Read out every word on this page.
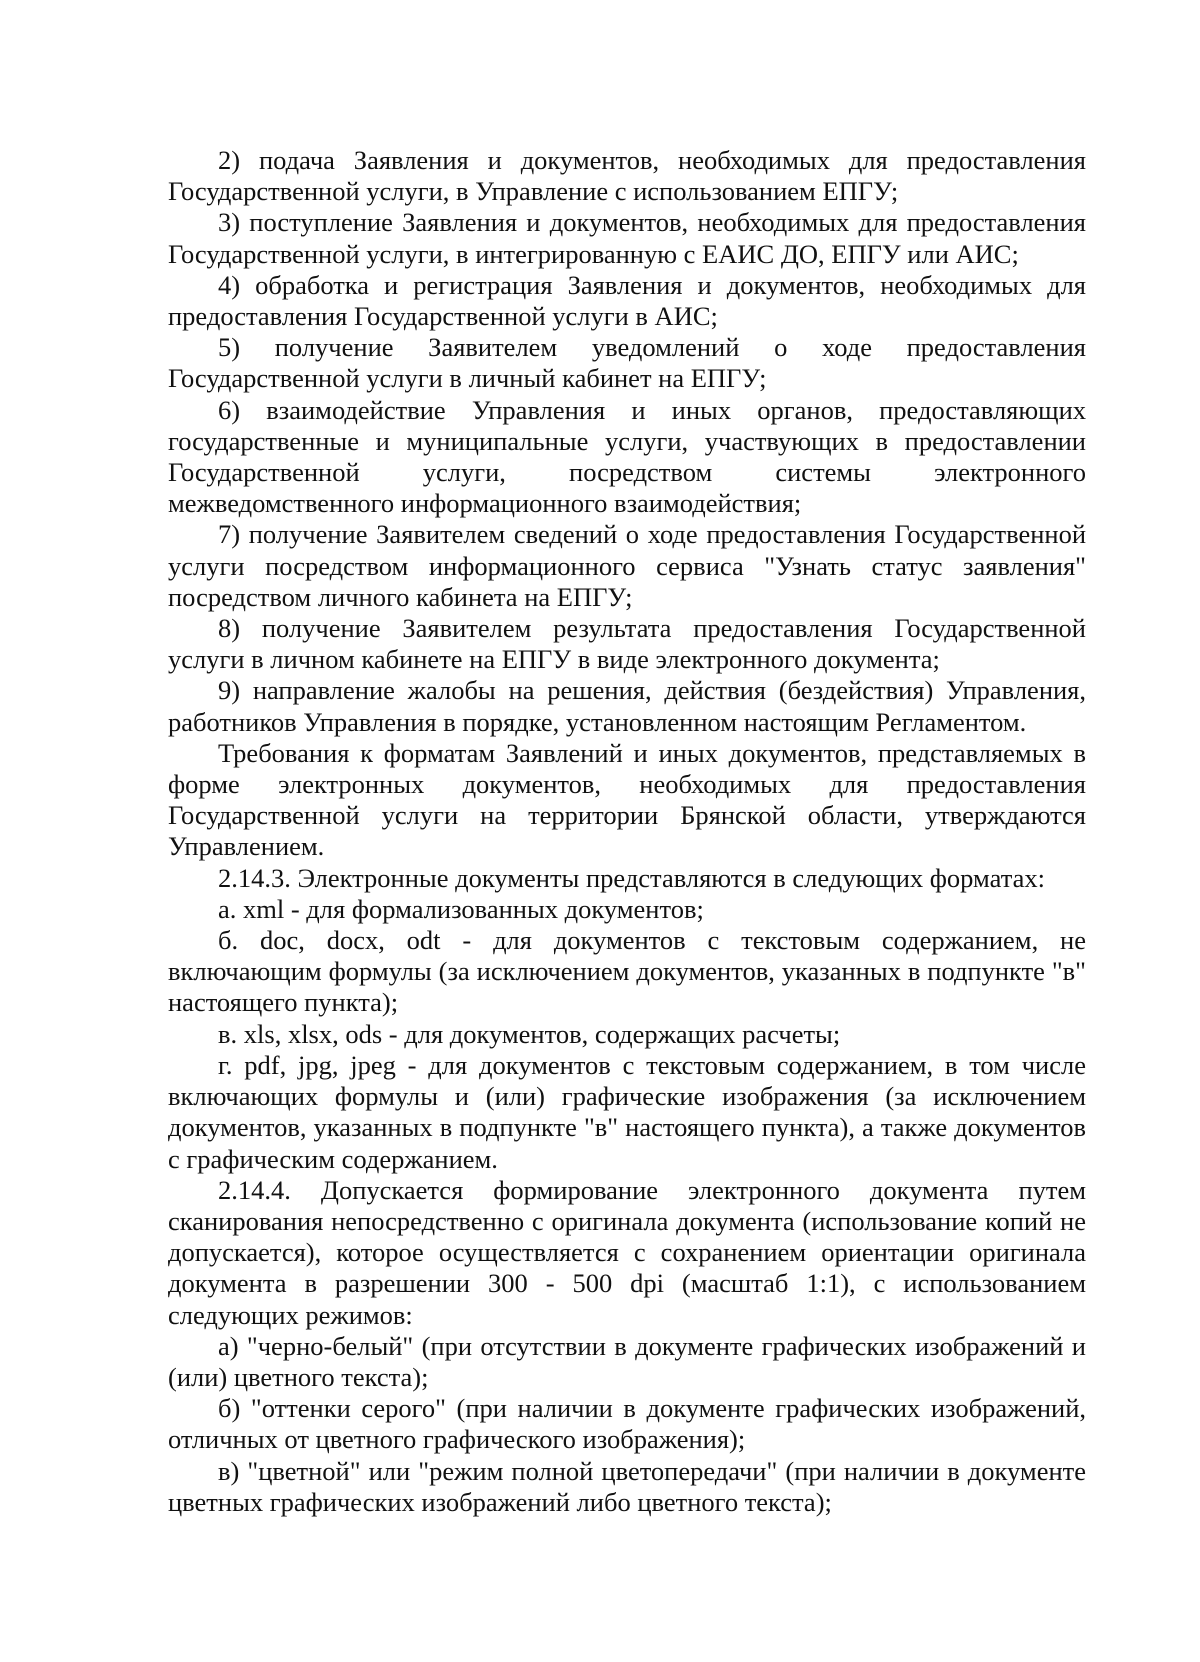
2) подача Заявления и документов, необходимых для предоставления Государственной услуги, в Управление с использованием ЕПГУ;

3) поступление Заявления и документов, необходимых для предоставления Государственной услуги, в интегрированную с ЕАИС ДО, ЕПГУ или АИС;

4) обработка и регистрация Заявления и документов, необходимых для предоставления Государственной услуги в АИС;

5) получение Заявителем уведомлений о ходе предоставления Государственной услуги в личный кабинет на ЕПГУ;

6) взаимодействие Управления и иных органов, предоставляющих государственные и муниципальные услуги, участвующих в предоставлении Государственной услуги, посредством системы электронного межведомственного информационного взаимодействия;

7) получение Заявителем сведений о ходе предоставления Государственной услуги посредством информационного сервиса "Узнать статус заявления" посредством личного кабинета на ЕПГУ;

8) получение Заявителем результата предоставления Государственной услуги в личном кабинете на ЕПГУ в виде электронного документа;

9) направление жалобы на решения, действия (бездействия) Управления, работников Управления в порядке, установленном настоящим Регламентом.

Требования к форматам Заявлений и иных документов, представляемых в форме электронных документов, необходимых для предоставления Государственной услуги на территории Брянской области, утверждаются Управлением.

2.14.3. Электронные документы представляются в следующих форматах:

а. xml - для формализованных документов;

б. doc, docx, odt - для документов с текстовым содержанием, не включающим формулы (за исключением документов, указанных в подпункте "в" настоящего пункта);

в. xls, xlsx, ods - для документов, содержащих расчеты;

г. pdf, jpg, jpeg - для документов с текстовым содержанием, в том числе включающих формулы и (или) графические изображения (за исключением документов, указанных в подпункте "в" настоящего пункта), а также документов с графическим содержанием.

2.14.4. Допускается формирование электронного документа путем сканирования непосредственно с оригинала документа (использование копий не допускается), которое осуществляется с сохранением ориентации оригинала документа в разрешении 300 - 500 dpi (масштаб 1:1), с использованием следующих режимов:

а) "черно-белый" (при отсутствии в документе графических изображений и (или) цветного текста);

б) "оттенки серого" (при наличии в документе графических изображений, отличных от цветного графического изображения);

в) "цветной" или "режим полной цветопередачи" (при наличии в документе цветных графических изображений либо цветного текста);
